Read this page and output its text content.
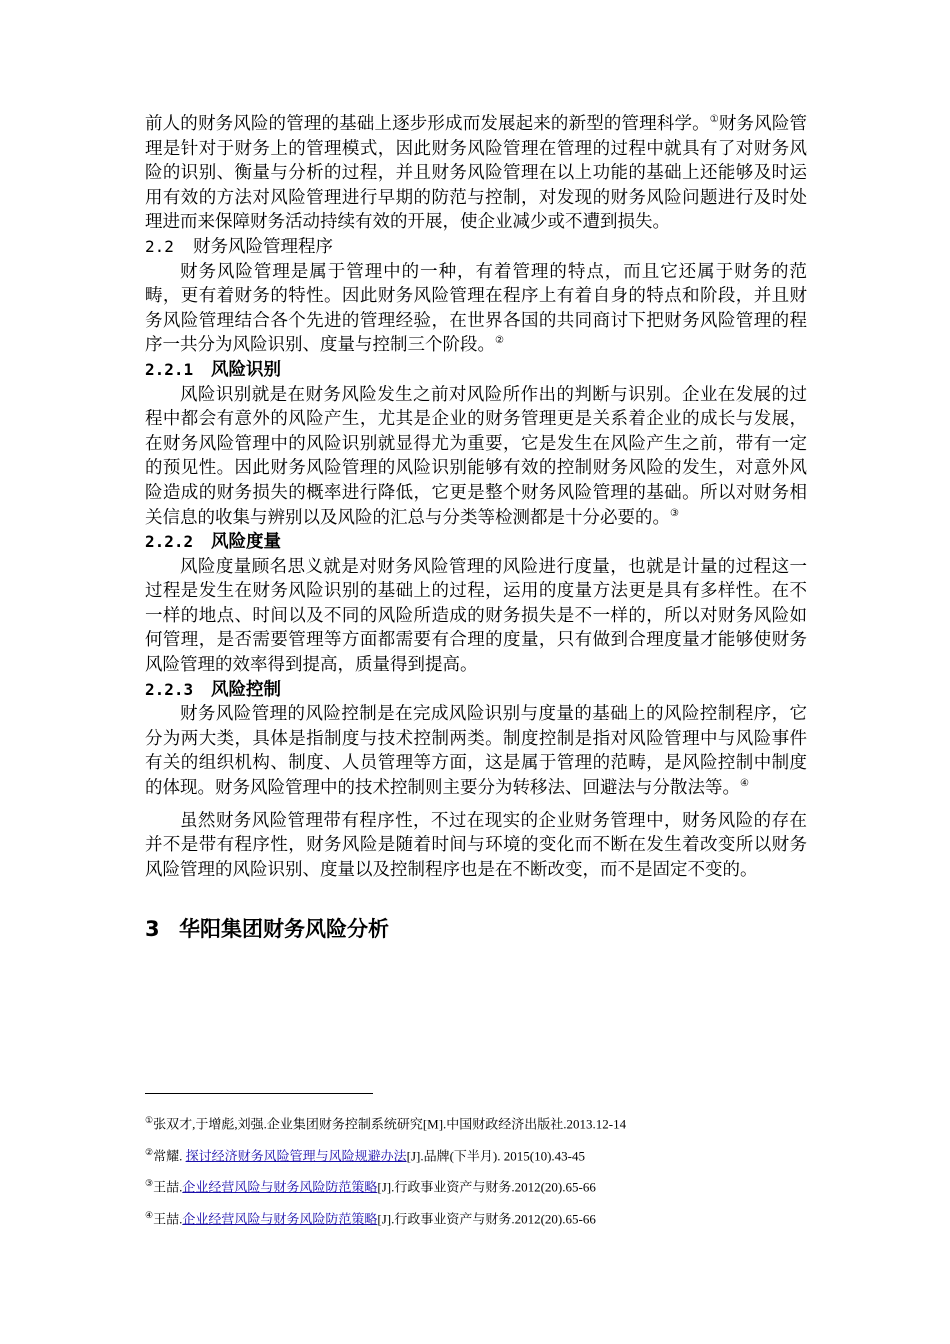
前人的财务风险的管理的基础上逐步形成而发展起来的新型的管理科学。①财务风险管理是针对于财务上的管理模式，因此财务风险管理在管理的过程中就具有了对财务风险的识别、衡量与分析的过程，并且财务风险管理在以上功能的基础上还能够及时运用有效的方法对风险管理进行早期的防范与控制，对发现的财务风险问题进行及时处理进而来保障财务活动持续有效的开展，使企业减少或不遭到损失。

2.2 财务风险管理程序

财务风险管理是属于管理中的一种，有着管理的特点，而且它还属于财务的范畴，更有着财务的特性。因此财务风险管理在程序上有着自身的特点和阶段，并且财务风险管理结合各个先进的管理经验，在世界各国的共同商讨下把财务风险管理的程序一共分为风险识别、度量与控制三个阶段。②

2.2.1 风险识别

风险识别就是在财务风险发生之前对风险所作出的判断与识别。企业在发展的过程中都会有意外的风险产生，尤其是企业的财务管理更是关系着企业的成长与发展，在财务风险管理中的风险识别就显得尤为重要，它是发生在风险产生之前，带有一定的预见性。因此财务风险管理的风险识别能够有效的控制财务风险的发生，对意外风险造成的财务损失的概率进行降低，它更是整个财务风险管理的基础。所以对财务相关信息的收集与辨别以及风险的汇总与分类等检测都是十分必要的。③

2.2.2 风险度量

风险度量顾名思义就是对财务风险管理的风险进行度量，也就是计量的过程这一过程是发生在财务风险识别的基础上的过程，运用的度量方法更是具有多样性。在不一样的地点、时间以及不同的风险所造成的财务损失是不一样的，所以对财务风险如何管理，是否需要管理等方面都需要有合理的度量，只有做到合理度量才能够使财务风险管理的效率得到提高，质量得到提高。

2.2.3 风险控制

财务风险管理的风险控制是在完成风险识别与度量的基础上的风险控制程序，它分为两大类，具体是指制度与技术控制两类。制度控制是指对风险管理中与风险事件有关的组织机构、制度、人员管理等方面，这是属于管理的范畴，是风险控制中制度的体现。财务风险管理中的技术控制则主要分为转移法、回避法与分散法等。④

虽然财务风险管理带有程序性，不过在现实的企业财务管理中，财务风险的存在并不是带有程序性，财务风险是随着时间与环境的变化而不断在发生着改变所以财务风险管理的风险识别、度量以及控制程序也是在不断改变，而不是固定不变的。

3 华阳集团财务风险分析
①张双才,于增彪,刘强.企业集团财务控制系统研究[M].中国财政经济出版社.2013.12-14
②常耀. 探讨经济财务风险管理与风险规避办法[J].品牌(下半月). 2015(10).43-45
③王喆.企业经营风险与财务风险防范策略[J].行政事业资产与财务.2012(20).65-66
④王喆.企业经营风险与财务风险防范策略[J].行政事业资产与财务.2012(20).65-66
